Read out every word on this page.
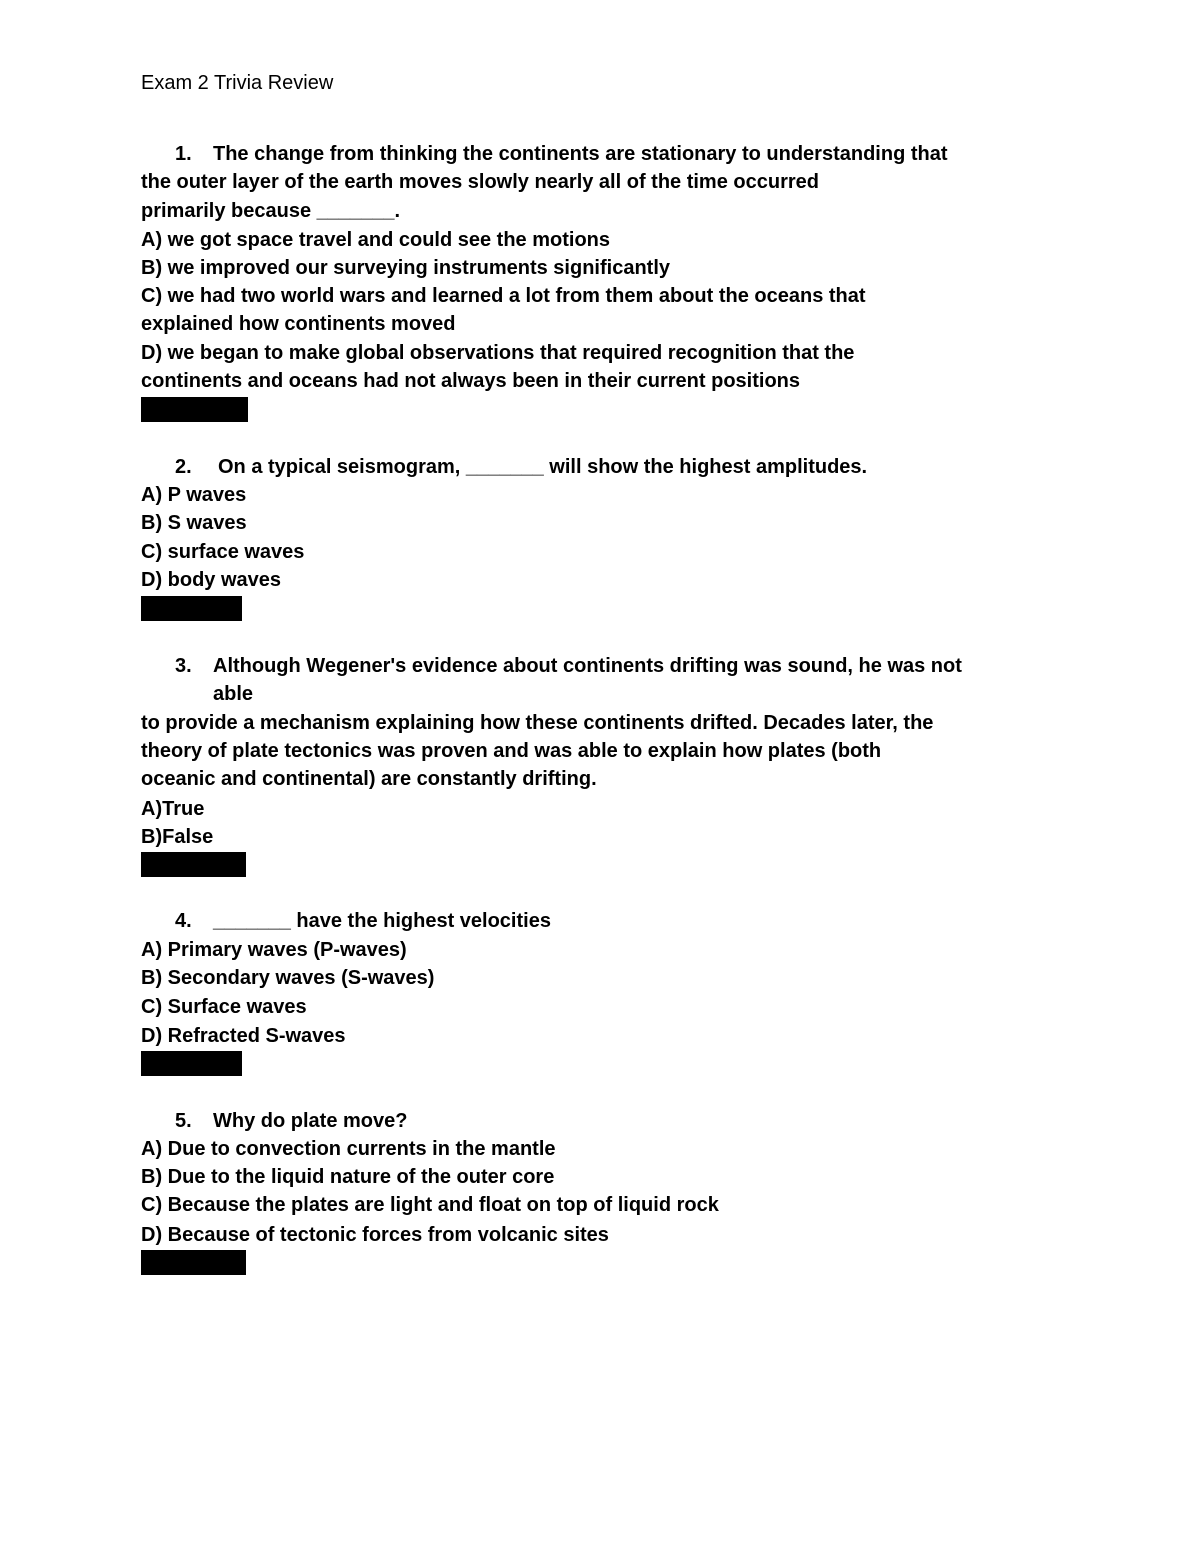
Exam 2 Trivia Review
1. The change from thinking the continents are stationary to understanding that
the outer layer of the earth moves slowly nearly all of the time occurred
primarily because _______.
A) we got space travel and could see the motions
B) we improved our surveying instruments significantly
C) we had two world wars and learned a lot from them about the oceans that
explained how continents moved
D) we began to make global observations that required recognition that the
continents and oceans had not always been in their current positions
2. On a typical seismogram, _______ will show the highest amplitudes.
A) P waves
B) S waves
C) surface waves
D) body waves
3. Although Wegener's evidence about continents drifting was sound, he was not
able
to provide a mechanism explaining how these continents drifted. Decades later, the
theory of plate tectonics was proven and was able to explain how plates (both
oceanic and continental) are constantly drifting.
A)True
B)False
4. _______ have the highest velocities
A) Primary waves (P-waves)
B) Secondary waves (S-waves)
C) Surface waves
D) Refracted S-waves
5. Why do plate move?
A) Due to convection currents in the mantle
B) Due to the liquid nature of the outer core
C) Because the plates are light and float on top of liquid rock
D) Because of tectonic forces from volcanic sites
